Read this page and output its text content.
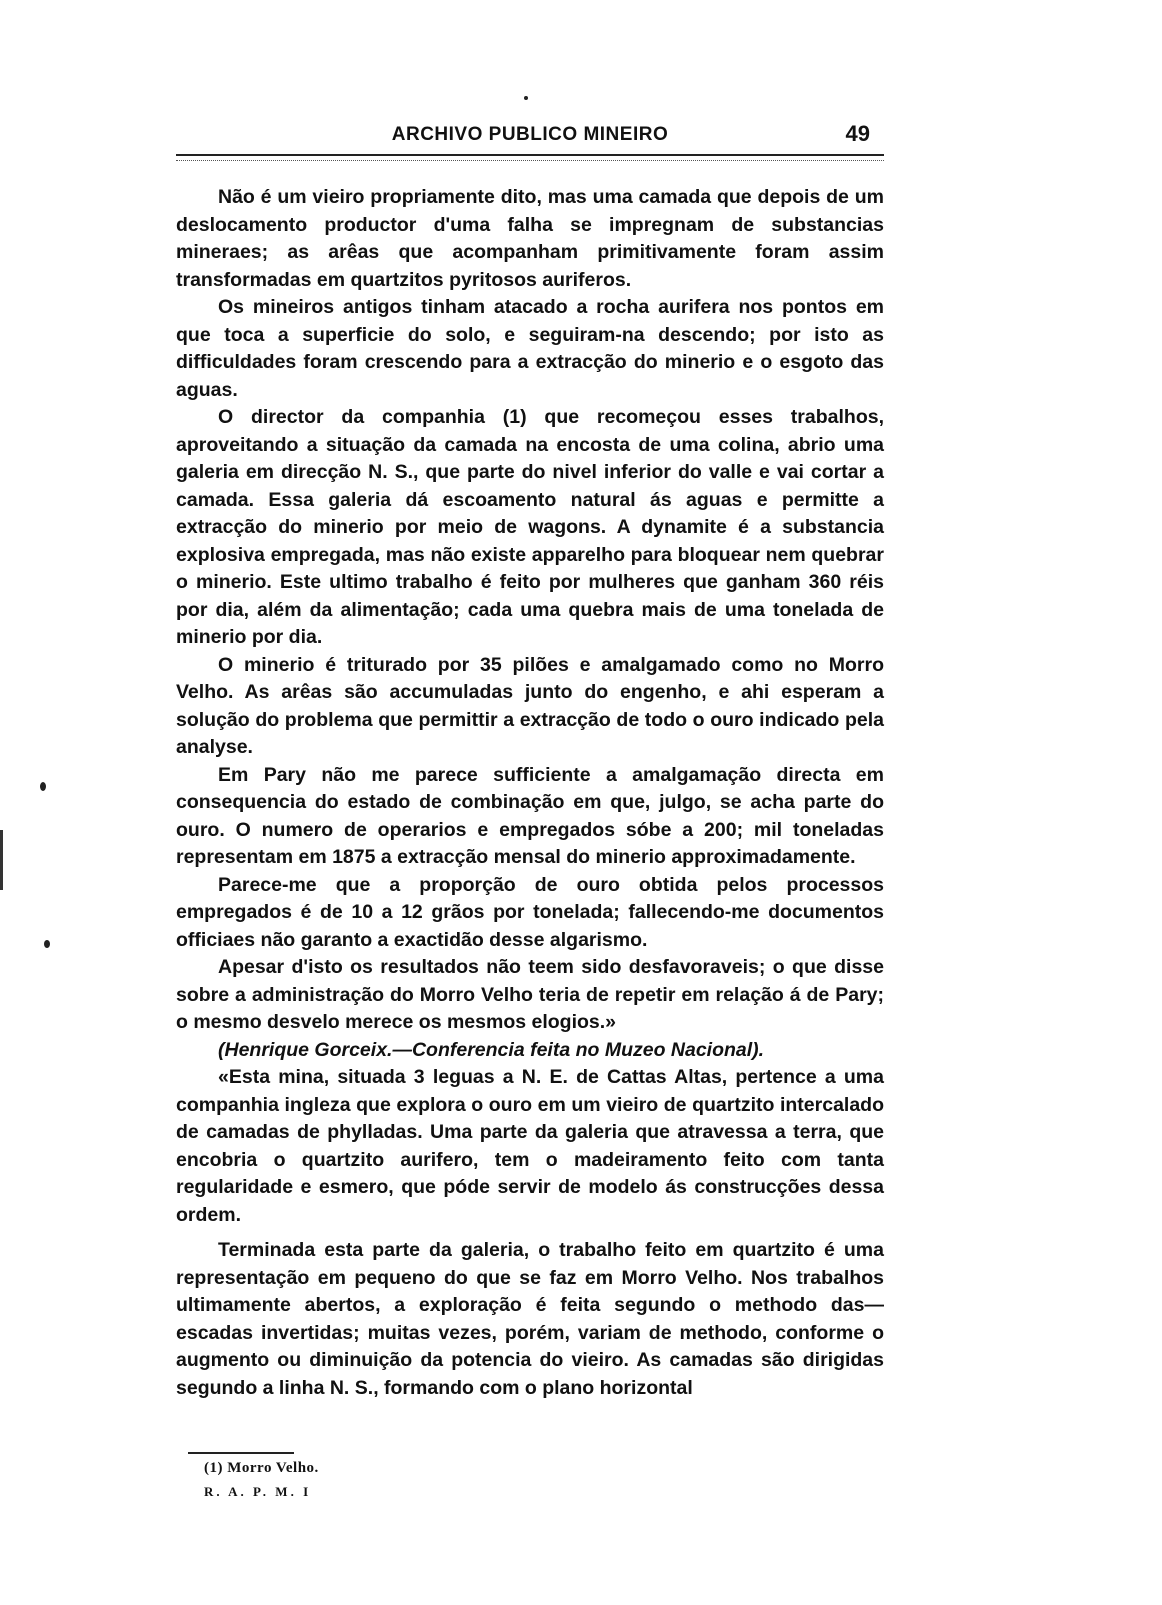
ARCHIVO PUBLICO MINEIRO	49

Não é um vieiro propriamente dito, mas uma camada que depois de um deslocamento productor d'uma falha se impregnam de substancias mineraes; as arêas que acompanham primitivamente foram assim transformadas em quartzitos pyritosos auriferos.

Os mineiros antigos tinham atacado a rocha aurifera nos pontos em que toca a superficie do solo, e seguiram-na descendo; por isto as difficuldades foram crescendo para a extracção do minerio e o esgoto das aguas.

O director da companhia (1) que recomeçou esses trabalhos, aproveitando a situação da camada na encosta de uma colina, abrio uma galeria em direcção N. S., que parte do nivel inferior do valle e vai cortar a camada. Essa galeria dá escoamento natural ás aguas e permitte a extracção do minerio por meio de wagons. A dynamite é a substancia explosiva empregada, mas não existe apparelho para bloquear nem quebrar o minerio. Este ultimo trabalho é feito por mulheres que ganham 360 réis por dia, além da alimentação; cada uma quebra mais de uma tonelada de minerio por dia.

O minerio é triturado por 35 pilões e amalgamado como no Morro Velho. As arêas são accumuladas junto do engenho, e ahi esperam a solução do problema que permittir a extracção de todo o ouro indicado pela analyse.

Em Pary não me parece sufficiente a amalgamação directa em consequencia do estado de combinação em que, julgo, se acha parte do ouro. O numero de operarios e empregados sóbe a 200; mil toneladas representam em 1875 a extracção mensal do minerio approximadamente.

Parece-me que a proporção de ouro obtida pelos processos empregados é de 10 a 12 grãos por tonelada; fallecendo-me documentos officiaes não garanto a exactidão desse algarismo.

Apesar d'isto os resultados não teem sido desfavoraveis; o que disse sobre a administração do Morro Velho teria de repetir em relação á de Pary; o mesmo desvelo merece os mesmos elogios.»

(Henrique Gorceix.—Conferencia feita no Muzeo Nacional).

«Esta mina, situada 3 leguas a N. E. de Cattas Altas, pertence a uma companhia ingleza que explora o ouro em um vieiro de quartzito intercalado de camadas de phylladas. Uma parte da galeria que atravessa a terra, que encobria o quartzito aurifero, tem o madeiramento feito com tanta regularidade e esmero, que póde servir de modelo ás construcções dessa ordem.

Terminada esta parte da galeria, o trabalho feito em quartzito é uma representação em pequeno do que se faz em Morro Velho. Nos trabalhos ultimamente abertos, a exploração é feita segundo o methodo das—escadas invertidas; muitas vezes, porém, variam de methodo, conforme o augmento ou diminuição da potencia do vieiro. As camadas são dirigidas segundo a linha N. S., formando com o plano horizontal

(1) Morro Velho.
R. A. P. M. I
